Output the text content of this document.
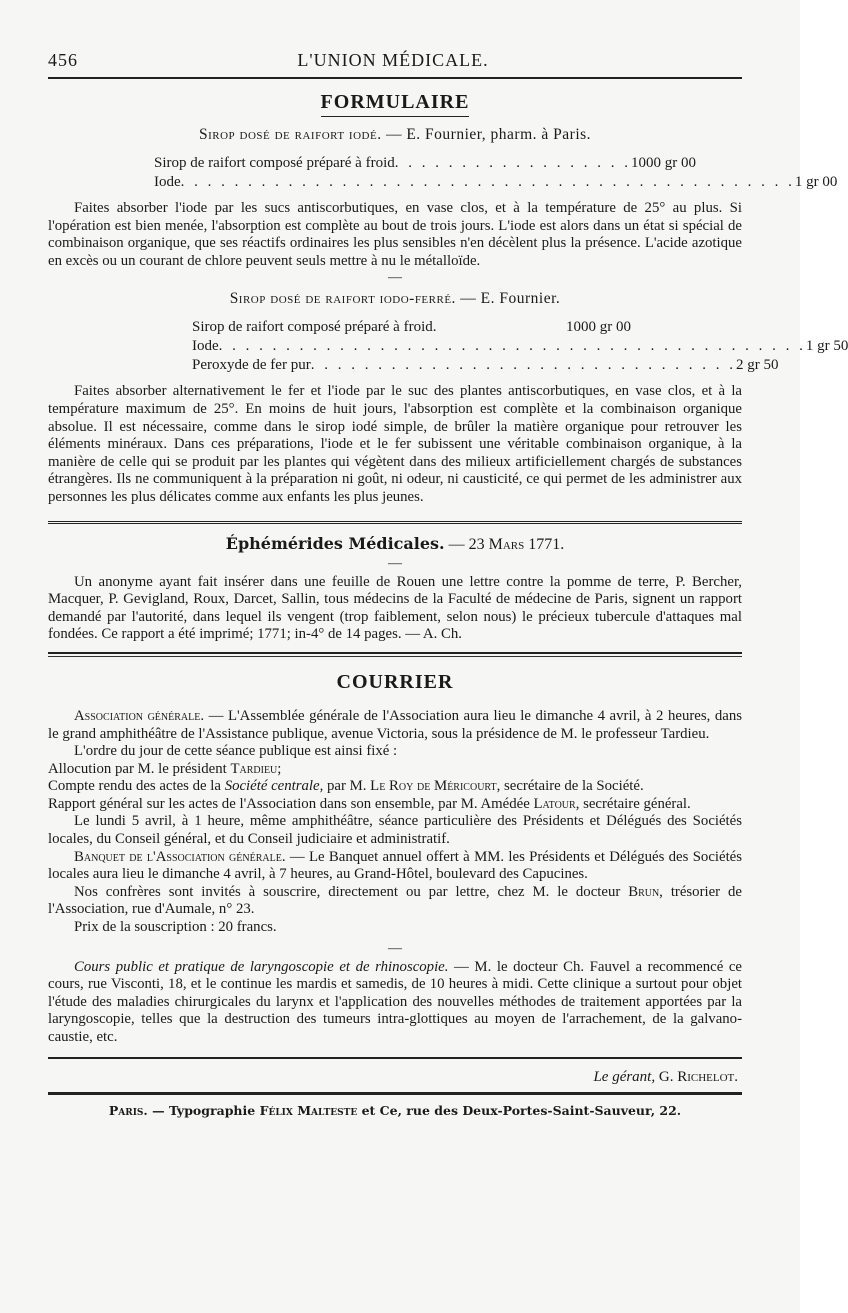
456	L'UNION MÉDICALE.
FORMULAIRE
Sirop dosé de raifort iodé. — E. Fournier, pharm. à Paris.
Sirop de raifort composé préparé à froid . . . . . . . . . . . . . . . . . . 1000 gr 00
Iode . . . . . . . . . . . . . . . . . . . . . . . . . . . . . . . . . . . . . . . . . . . . . . 1 gr 00

Faites absorber l'iode par les sucs antiscorbutiques, en vase clos, et à la température de 25° au plus. Si l'opération est bien menée, l'absorption est complète au bout de trois jours. L'iode est alors dans un état si spécial de combinaison organique, que ses réactifs ordinaires les plus sensibles n'en décèlent plus la présence. L'acide azotique en excès ou un courant de chlore peuvent seuls mettre à nu le métalloïde.

—
Sirop dosé de raifort iodo-ferré. — E. Fournier.
Sirop de raifort composé préparé à froid.	1000 gr 00
Iode . . . . . . . . . . . . . . . . . . . . . . . . . . . . . . . . . . . . . . . . . . . . 1 gr 50
Peroxyde de fer pur . . . . . . . . . . . . . . . . . . . . . . . . . . . . . . . . 2 gr 50

Faites absorber alternativement le fer et l'iode par le suc des plantes antiscorbutiques, en vase clos, et à la température maximum de 25°. En moins de huit jours, l'absorption est complète et la combinaison organique absolue. Il est nécessaire, comme dans le sirop iodé simple, de brûler la matière organique pour retrouver les éléments minéraux. Dans ces préparations, l'iode et le fer subissent une véritable combinaison organique, à la manière de celle qui se produit par les plantes qui végètent dans des milieux artificiellement chargés de substances étrangères. Ils ne communiquent à la préparation ni goût, ni odeur, ni causticité, ce qui permet de les administrer aux personnes les plus délicates comme aux enfants les plus jeunes.

Éphémérides Médicales. — 23 Mars 1771.
—

Un anonyme ayant fait insérer dans une feuille de Rouen une lettre contre la pomme de terre, P. Bercher, Macquer, P. Gevigland, Roux, Darcet, Sallin, tous médecins de la Faculté de médecine de Paris, signent un rapport demandé par l'autorité, dans lequel ils vengent (trop faiblement, selon nous) le précieux tubercule d'attaques mal fondées. Ce rapport a été imprimé; 1771; in-4° de 14 pages. — A. Ch.

COURRIER

Association générale. — L'Assemblée générale de l'Association aura lieu le dimanche 4 avril, à 2 heures, dans le grand amphithéâtre de l'Assistance publique, avenue Victoria, sous la présidence de M. le professeur Tardieu.

L'ordre du jour de cette séance publique est ainsi fixé :

Allocution par M. le président Tardieu;

Compte rendu des actes de la Société centrale, par M. Le Roy de Méricourt, secrétaire de la Société.

Rapport général sur les actes de l'Association dans son ensemble, par M. Amédée Latour, secrétaire général.

Le lundi 5 avril, à 1 heure, même amphithéâtre, séance particulière des Présidents et Délégués des Sociétés locales, du Conseil général, et du Conseil judiciaire et administratif.

Banquet de l'Association générale. — Le Banquet annuel offert à MM. les Présidents et Délégués des Sociétés locales aura lieu le dimanche 4 avril, à 7 heures, au Grand-Hôtel, boulevard des Capucines.

Nos confrères sont invités à souscrire, directement ou par lettre, chez M. le docteur Brun, trésorier de l'Association, rue d'Aumale, n° 23.

Prix de la souscription : 20 francs.

—

Cours public et pratique de laryngoscopie et de rhinoscopie. — M. le docteur Ch. Fauvel a recommencé ce cours, rue Visconti, 18, et le continue les mardis et samedis, de 10 heures à midi. Cette clinique a surtout pour objet l'étude des maladies chirurgicales du larynx et l'application des nouvelles méthodes de traitement apportées par la laryngoscopie, telles que la destruction des tumeurs intra-glottiques au moyen de l'arrachement, de la galvano-caustie, etc.

Le gérant, G. Richelot.
Paris. — Typographie Félix Malteste et Ce, rue des Deux-Portes-Saint-Sauveur, 22.
